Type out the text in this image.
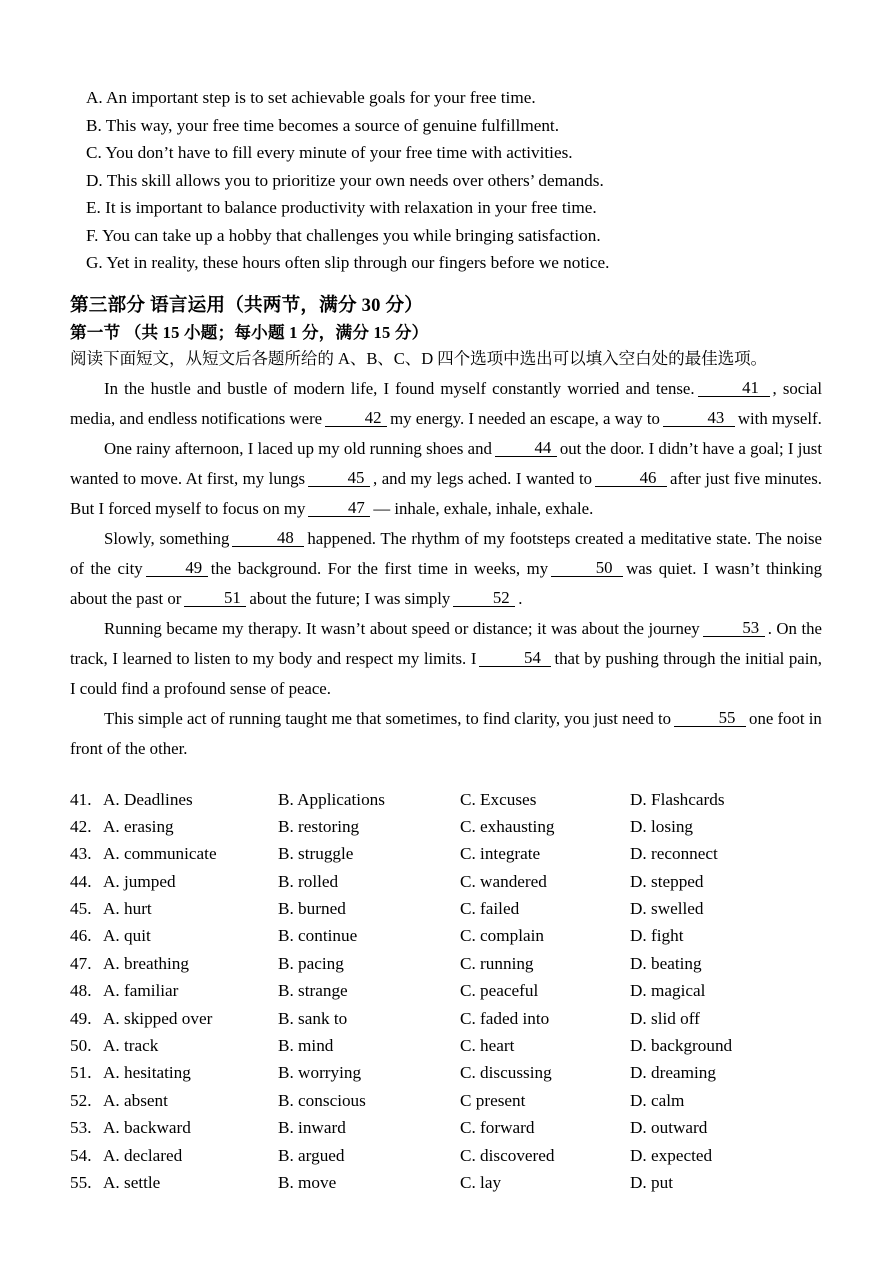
A. An important step is to set achievable goals for your free time.
B. This way, your free time becomes a source of genuine fulfillment.
C. You don’t have to fill every minute of your free time with activities.
D. This skill allows you to prioritize your own needs over others’ demands.
E. It is important to balance productivity with relaxation in your free time.
F. You can take up a hobby that challenges you while bringing satisfaction.
G. Yet in reality, these hours often slip through our fingers before we notice.
第三部分 语言运用（共两节，满分 30 分）
第一节 （共 15 小题；每小题 1 分，满分 15 分）
阅读下面短文，从短文后各题所给的 A、B、C、D 四个选项中选出可以填入空白处的最佳选项。

In the hustle and bustle of modern life, I found myself constantly worried and tense.	41 , social media, and endless notifications were	42 my energy. I needed an escape, a way to	43 with myself.

One rainy afternoon, I laced up my old running shoes and	44 out the door. I didn’t have a goal; I just wanted to move. At first, my lungs	45 , and my legs ached. I wanted to	46 after just five minutes. But I forced myself to focus on my	47 — inhale, exhale, inhale, exhale.

Slowly, something	48 happened. The rhythm of my footsteps created a meditative state. The noise of the city	49 the background. For the first time in weeks, my	50 was quiet. I wasn’t thinking about the past or	51 about the future; I was simply	52 .

Running became my therapy. It wasn’t about speed or distance; it was about the journey	53 . On the track, I learned to listen to my body and respect my limits. I	54 that by pushing through the initial pain, I could find a profound sense of peace.

This simple act of running taught me that sometimes, to find clarity, you just need to	55 one foot in front of the other.

41. A. Deadlines	B. Applications	C. Excuses	D. Flashcards
42. A. erasing	B. restoring	C. exhausting	D. losing
43. A. communicate	B. struggle	C. integrate	D. reconnect
44. A. jumped	B. rolled	C. wandered	D. stepped
45. A. hurt	B. burned	C. failed	D. swelled
46. A. quit	B. continue	C. complain	D. fight
47. A. breathing	B. pacing	C. running	D. beating
48. A. familiar	B. strange	C. peaceful	D. magical
49. A. skipped over	B. sank to	C. faded into	D. slid off
50. A. track	B. mind	C. heart	D. background
51. A. hesitating	B. worrying	C. discussing	D. dreaming
52. A. absent	B. conscious	C present	D. calm
53. A. backward	B. inward	C. forward	D. outward
54. A. declared	B. argued	C. discovered	D. expected
55. A. settle	B. move	C. lay	D. put
